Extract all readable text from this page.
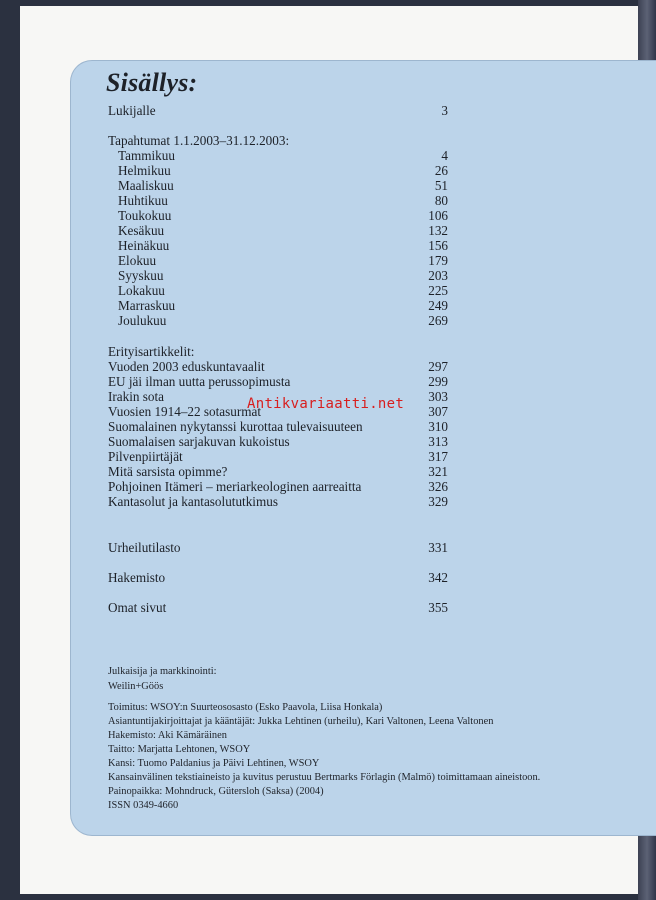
Sisällys:
Lukijalle	3
Tapahtumat 1.1.2003–31.12.2003:
Tammikuu	4
Helmikuu	26
Maaliskuu	51
Huhtikuu	80
Toukokuu	106
Kesäkuu	132
Heinäkuu	156
Elokuu	179
Syyskuu	203
Lokakuu	225
Marraskuu	249
Joulukuu	269
Erityisartikkelit:
Vuoden 2003 eduskuntavaalit	297
EU jäi ilman uutta perussopimusta	299
Irakin sota	303
Vuosien 1914–22 sotasurmat	307
Suomalainen nykytanssi kurottaa tulevaisuuteen	310
Suomalaisen sarjakuvan kukoistus	313
Pilvenpiirtäjät	317
Mitä sarsista opimme?	321
Pohjoinen Itämeri – meriarkeologinen aarreaitta	326
Kantasolut ja kantasolututkimus	329
Urheilutilasto	331
Hakemisto	342
Omat sivut	355
Antikvariaatti.net
Julkaisija ja markkinointi:
Weilin+Göös
Toimitus: WSOY:n Suurteososasto (Esko Paavola, Liisa Honkala)
Asiantuntijakirjoittajat ja kääntäjät: Jukka Lehtinen (urheilu), Kari Valtonen, Leena Valtonen
Hakemisto: Aki Kämäräinen
Taitto: Marjatta Lehtonen, WSOY
Kansi: Tuomo Paldanius ja Päivi Lehtinen, WSOY
Kansainvälinen tekstiaineisto ja kuvitus perustuu Bertmarks Förlagin (Malmö) toimittamaan aineistoon.
Painopaikka: Mohndruck, Gütersloh (Saksa) (2004)
ISSN 0349-4660
